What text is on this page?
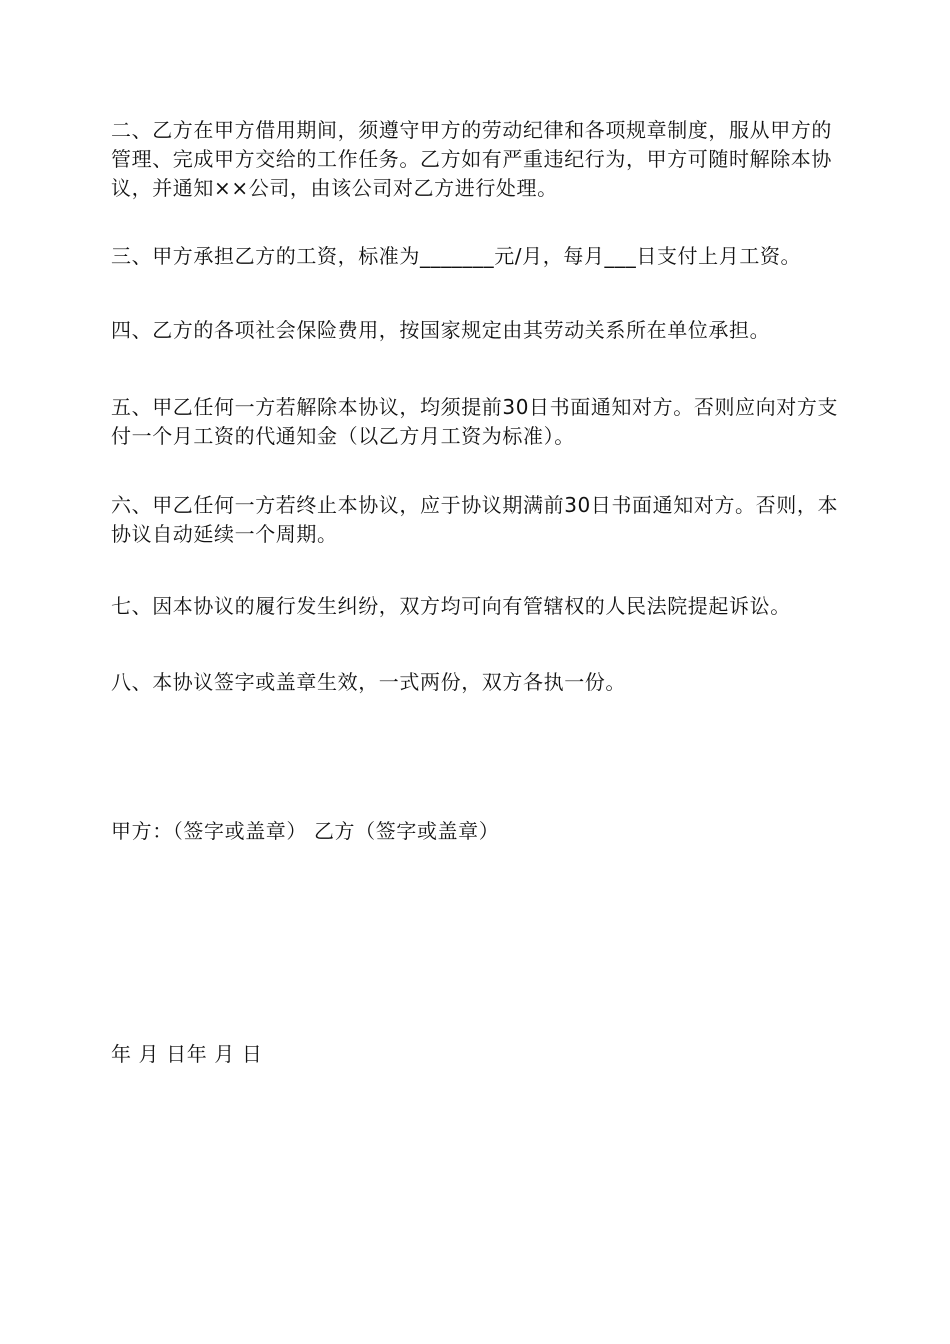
二、乙方在甲方借用期间，须遵守甲方的劳动纪律和各项规章制度，服从甲方的管理、完成甲方交给的工作任务。乙方如有严重违纪行为，甲方可随时解除本协议，并通知××公司，由该公司对乙方进行处理。

三、甲方承担乙方的工资，标准为_______元/月，每月___日支付上月工资。

四、乙方的各项社会保险费用，按国家规定由其劳动关系所在单位承担。

五、甲乙任何一方若解除本协议，均须提前30日书面通知对方。否则应向对方支付一个月工资的代通知金（以乙方月工资为标准）。

六、甲乙任何一方若终止本协议，应于协议期满前30日书面通知对方。否则，本协议自动延续一个周期。

七、因本协议的履行发生纠纷，双方均可向有管辖权的人民法院提起诉讼。

八、本协议签字或盖章生效，一式两份，双方各执一份。

甲方：（签字或盖章） 乙方（签字或盖章）
年 月 日年 月 日
